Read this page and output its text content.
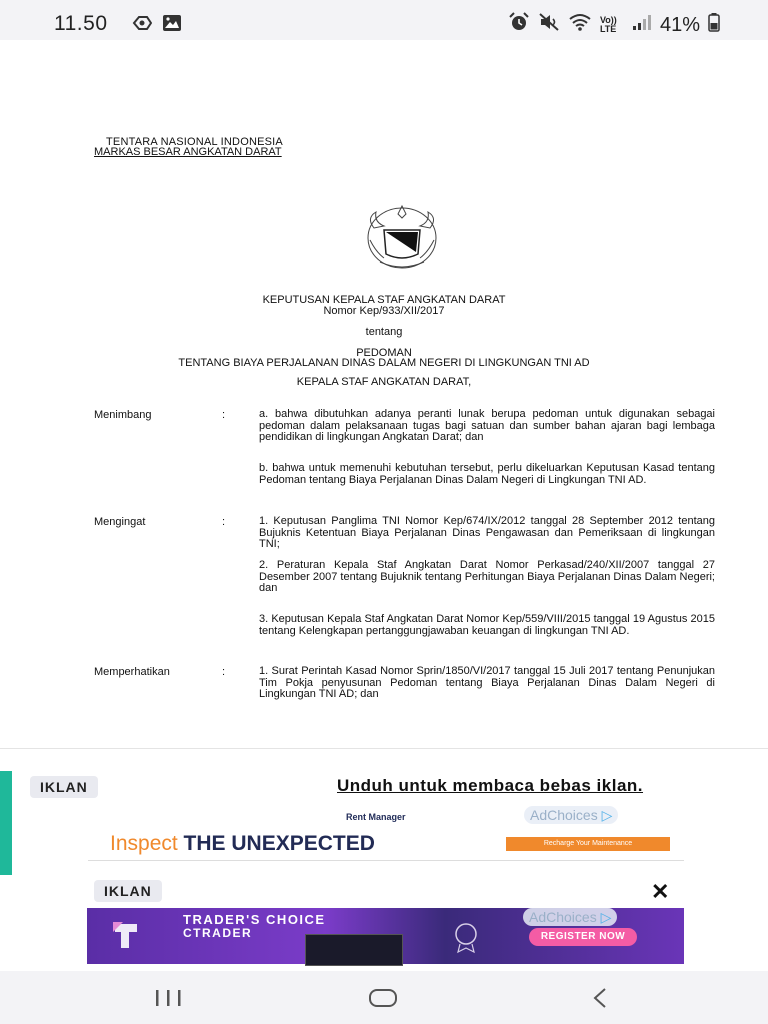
11.50	Vo)) LTE	41%
TENTARA NASIONAL INDONESIA
MARKAS BESAR ANGKATAN DARAT
KEPUTUSAN KEPALA STAF ANGKATAN DARAT
Nomor Kep/933/XII/2017
tentang
PEDOMAN
TENTANG BIAYA PERJALANAN DINAS DALAM NEGERI DI LINGKUNGAN TNI AD
KEPALA STAF ANGKATAN DARAT,
Menimbang	:	a. bahwa dibutuhkan adanya peranti lunak berupa pedoman untuk digunakan sebagai pedoman dalam pelaksanaan tugas bagi satuan dan sumber bahan ajaran bagi lembaga pendidikan di lingkungan Angkatan Darat; dan
b. bahwa untuk memenuhi kebutuhan tersebut, perlu dikeluarkan Keputusan Kasad tentang Pedoman tentang Biaya Perjalanan Dinas Dalam Negeri di Lingkungan TNI AD.
Mengingat	:	1. Keputusan Panglima TNI Nomor Kep/674/IX/2012 tanggal 28 September 2012 tentang Bujuknis Ketentuan Biaya Perjalanan Dinas Pengawasan dan Pemeriksaan di lingkungan TNI;
2. Peraturan Kepala Staf Angkatan Darat Nomor Perkasad/240/XII/2007 tanggal 27 Desember 2007 tentang Bujuknik tentang Perhitungan Biaya Perjalanan Dinas Dalam Negeri; dan
3. Keputusan Kepala Staf Angkatan Darat Nomor Kep/559/VIII/2015 tanggal 19 Agustus 2015 tentang Kelengkapan pertanggungjawaban keuangan di lingkungan TNI AD.
Memperhatikan	:	1. Surat Perintah Kasad Nomor Sprin/1850/VI/2017 tanggal 15 Juli 2017 tentang Penunjukan Tim Pokja penyusunan Pedoman tentang Biaya Perjalanan Dinas Dalam Negeri di Lingkungan TNI AD; dan
IKLAN	Unduh untuk membaca bebas iklan.
Rent Manager
Inspect THE UNEXPECTED	Recharge Your Maintenance
AdChoices ▷
IKLAN	✕
TRADER'S CHOICE
CTRADER	REGISTER NOW
AdChoices ▷
